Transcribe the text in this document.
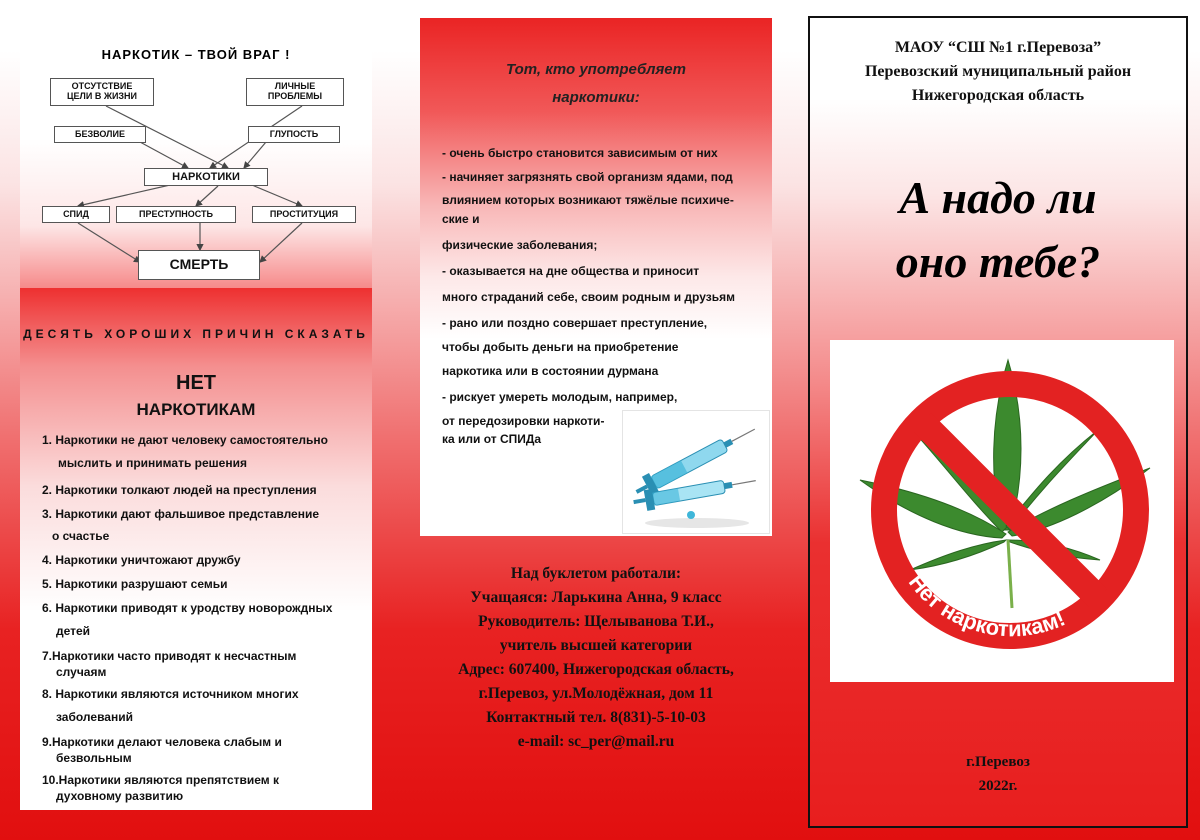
НАРКОТИК – ТВОЙ ВРАГ !
ОТСУТСТВИЕ
ЦЕЛИ В ЖИЗНИ
ЛИЧНЫЕ
ПРОБЛЕМЫ
БЕЗВОЛИЕ	ГЛУПОСТЬ
НАРКОТИКИ
СПИД	ПРЕСТУПНОСТЬ	ПРОСТИТУЦИЯ
СМЕРТЬ
ДЕСЯТЬ ХОРОШИХ ПРИЧИН СКАЗАТЬ
НЕТ
НАРКОТИКАМ
1. Наркотики не дают человеку самостоятельно
мыслить и принимать решения
2. Наркотики толкают людей на преступления
3. Наркотики дают фальшивое представление
о счастье
4. Наркотики уничтожают дружбу
5. Наркотики разрушают семьи
6. Наркотики приводят к уродству новорождных
детей
7.Наркотики часто приводят к несчастным
случаям
8. Наркотики являются источником многих
заболеваний
9.Наркотики делают человека слабым и
безвольным
10.Наркотики являются препятствием к
духовному развитию
Тот, кто употребляет
наркотики:
- очень быстро становится зависимым от них
- начиняет загрязнять свой организм ядами, под
влиянием которых возникают тяжёлые психиче-
ские и
физические заболевания;
- оказывается на дне общества и приносит
много страданий себе, своим родным и друзьям
- рано или поздно совершает преступление,
чтобы добыть деньги на приобретение
наркотика или в состоянии дурмана
- рискует умереть молодым, например,
от передозировки наркоти-
ка или от СПИДа
Над буклетом работали:
Учащаяся: Ларькина Анна, 9 класс
Руководитель: Щелыванова Т.И.,
учитель высшей категории
Адрес: 607400, Нижегородская область,
г.Перевоз, ул.Молодёжная, дом 11
Контактный тел. 8(831)-5-10-03
e-mail: sc_per@mail.ru
МАОУ “СШ №1 г.Перевоза”
Перевозский муниципальный район
Нижегородская область
А надо ли
оно тебе?
Нет наркотикам!
г.Перевоз
2022г.
